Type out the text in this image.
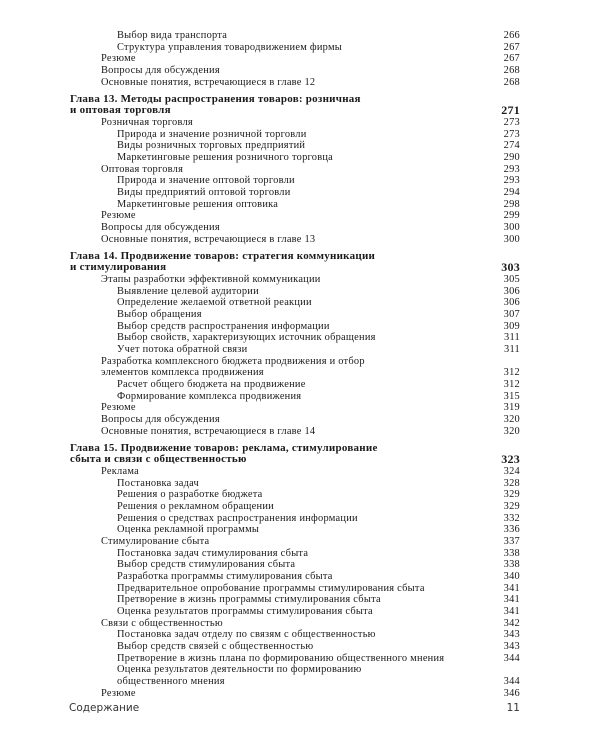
Выбор вида транспорта	266
Структура управления товародвижением фирмы	267
Резюме	267
Вопросы для обсуждения	268
Основные понятия, встречающиеся в главе 12	268
Глава 13. Методы распространения товаров: розничная
и оптовая торговля	271
Розничная торговля	273
Природа и значение розничной торговли	273
Виды розничных торговых предприятий	274
Маркетинговые решения розничного торговца	290
Оптовая торговля	293
Природа и значение оптовой торговли	293
Виды предприятий оптовой торговли	294
Маркетинговые решения оптовика	298
Резюме	299
Вопросы для обсуждения	300
Основные понятия, встречающиеся в главе 13	300
Глава 14. Продвижение товаров: стратегия коммуникации
и стимулирования	303
Этапы разработки эффективной коммуникации	305
Выявление целевой аудитории	306
Определение желаемой ответной реакции	306
Выбор обращения	307
Выбор средств распространения информации	309
Выбор свойств, характеризующих источник обращения	311
Учет потока обратной связи	311
Разработка комплексного бюджета продвижения и отбор
элементов комплекса продвижения	312
Расчет общего бюджета на продвижение	312
Формирование комплекса продвижения	315
Резюме	319
Вопросы для обсуждения	320
Основные понятия, встречающиеся в главе 14	320
Глава 15. Продвижение товаров: реклама, стимулирование
сбыта и связи с общественностью	323
Реклама	324
Постановка задач	328
Решения о разработке бюджета	329
Решения о рекламном обращении	329
Решения о средствах распространения информации	332
Оценка рекламной программы	336
Стимулирование сбыта	337
Постановка задач стимулирования сбыта	338
Выбор средств стимулирования сбыта	338
Разработка программы стимулирования сбыта	340
Предварительное опробование программы стимулирования сбыта	341
Претворение в жизнь программы стимулирования сбыта	341
Оценка результатов программы стимулирования сбыта	341
Связи с общественностью	342
Постановка задач отделу по связям с общественностью	343
Выбор средств связей с общественностью	343
Претворение в жизнь плана по формированию общественного мнения	344
Оценка результатов деятельности по формированию
общественного мнения	344
Резюме	346
Содержание	11
